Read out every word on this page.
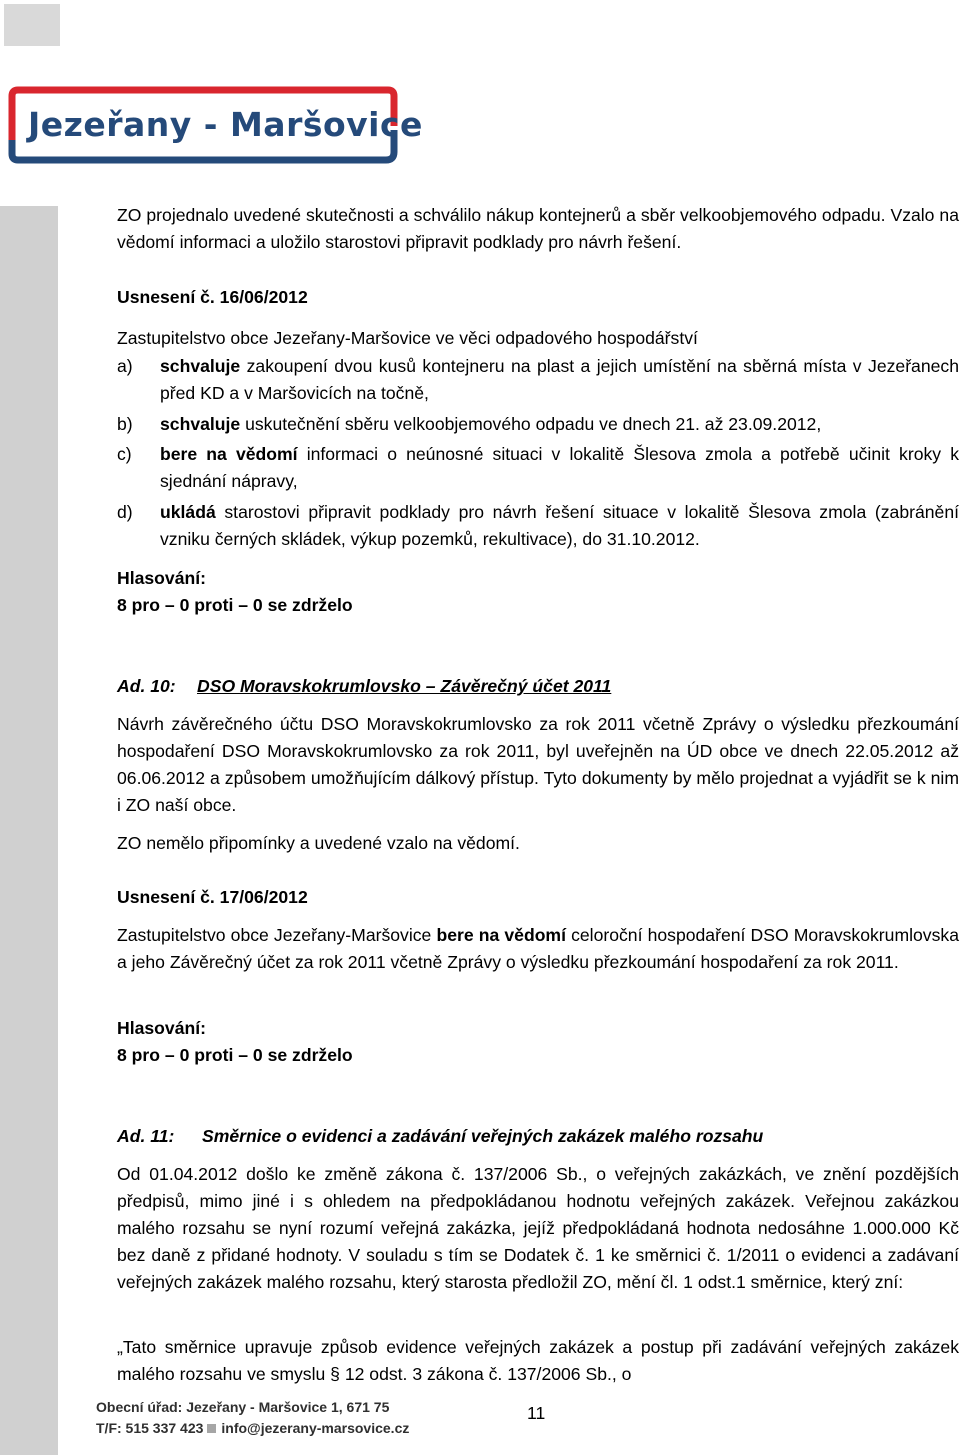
Jezeřany - Maršovice
www.jezerany-marsovice.cz

ZO projednalo uvedené skutečnosti a schválilo nákup kontejnerů a sběr velkoobjemového odpadu. Vzalo na vědomí informaci a uložilo starostovi připravit podklady pro návrh řešení.

Usnesení č. 16/06/2012
Zastupitelstvo obce Jezeřany-Maršovice ve věci odpadového hospodářství
a) schvaluje zakoupení dvou kusů kontejneru na plast a jejich umístění na sběrná místa v Jezeřanech před KD a v Maršovicích na točně,

b) schvaluje uskutečnění sběru velkoobjemového odpadu ve dnech 21. až 23.09.2012,

c) bere na vědomí informaci o neúnosné situaci v lokalitě Šlesova zmola a potřebě učinit kroky k sjednání nápravy,

d) ukládá starostovi připravit podklady pro návrh řešení situace v lokalitě Šlesova zmola (zabránění vzniku černých skládek, výkup pozemků, rekultivace), do 31.10.2012.

Hlasování:
8 pro – 0 proti – 0 se zdrželo
Ad. 10: DSO Moravskokrumlovsko – Závěrečný účet 2011

Návrh závěrečného účtu DSO Moravskokrumlovsko za rok 2011 včetně Zprávy o výsledku přezkoumání hospodaření DSO Moravskokrumlovsko za rok 2011, byl uveřejněn na ÚD obce ve dnech 22.05.2012 až 06.06.2012 a způsobem umožňujícím dálkový přístup. Tyto dokumenty by mělo projednat a vyjádřit se k nim i ZO naší obce.

ZO nemělo připomínky a uvedené vzalo na vědomí.
Usnesení č. 17/06/2012

Zastupitelstvo obce Jezeřany-Maršovice bere na vědomí celoroční hospodaření DSO Moravskokrumlovska a jeho Závěrečný účet za rok 2011 včetně Zprávy o výsledku přezkoumání hospodaření za rok 2011.

Hlasování:
8 pro – 0 proti – 0 se zdrželo
Ad. 11: Směrnice o evidenci a zadávání veřejných zakázek malého rozsahu

Od 01.04.2012 došlo ke změně zákona č. 137/2006 Sb., o veřejných zakázkách, ve znění pozdějších předpisů, mimo jiné i s ohledem na předpokládanou hodnotu veřejných zakázek. Veřejnou zakázkou malého rozsahu se nyní rozumí veřejná zakázka, jejíž předpokládaná hodnota nedosáhne 1.000.000 Kč bez daně z přidané hodnoty. V souladu s tím se Dodatek č. 1 ke směrnici č. 1/2011 o evidenci a zadávaní veřejných zakázek malého rozsahu, který starosta předložil ZO, mění čl. 1 odst.1 směrnice, který zní:

„Tato směrnice upravuje způsob evidence veřejných zakázek a postup při zadávání veřejných zakázek malého rozsahu ve smyslu § 12 odst. 3 zákona č. 137/2006 Sb., o

Obecní úřad: Jezeřany - Maršovice 1, 671 75
T/F: 515 337 423 info@jezerany-marsovice.cz
11
